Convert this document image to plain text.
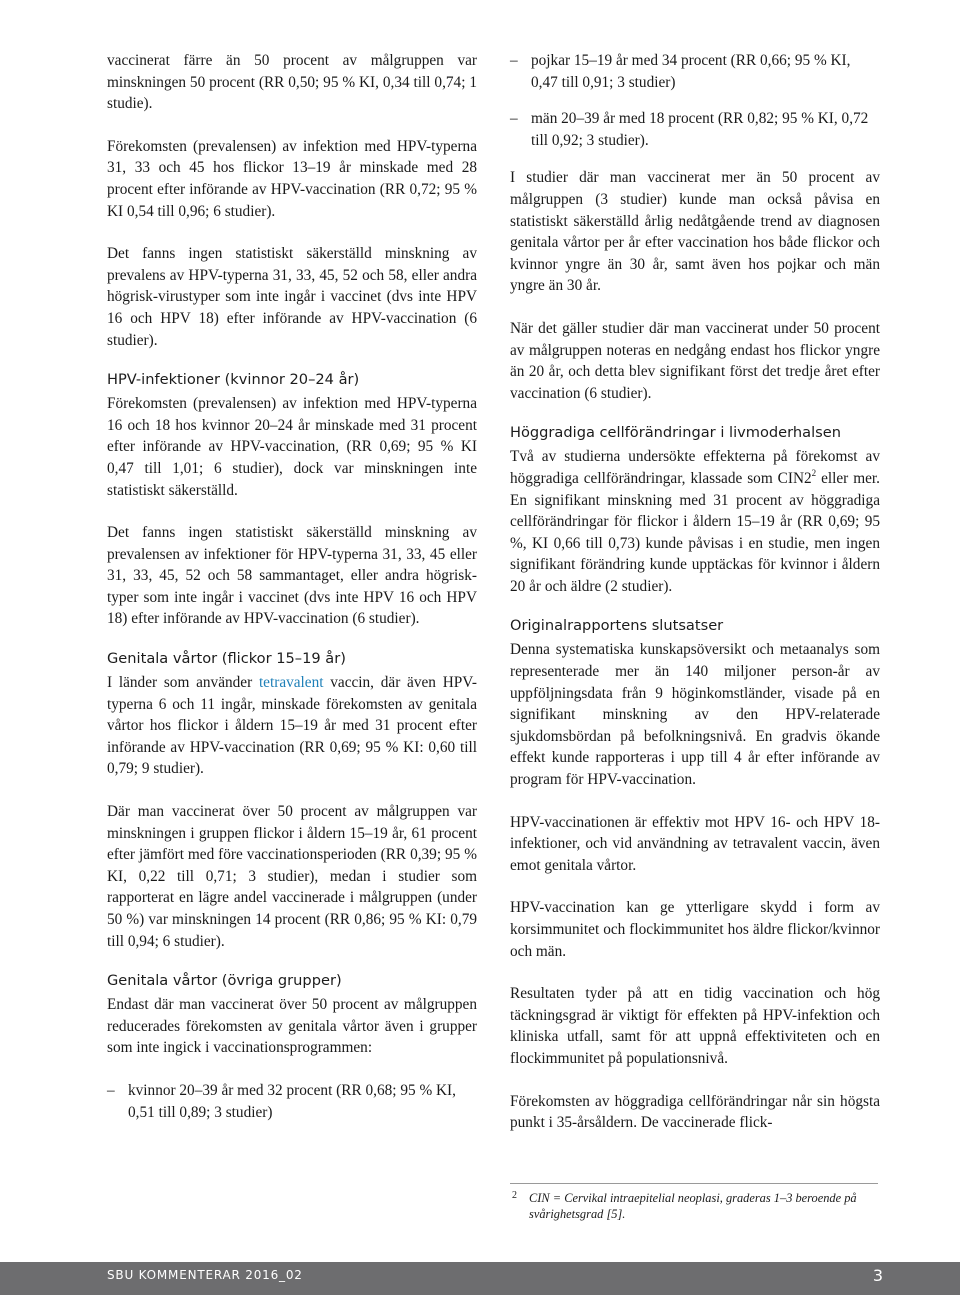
vaccinerat färre än 50 procent av målgruppen var minskningen 50 procent (RR 0,50; 95 % KI, 0,34 till 0,74; 1 studie).

Förekomsten (prevalensen) av infektion med HPV-typerna 31, 33 och 45 hos flickor 13–19 år minskade med 28 procent efter införande av HPV-vaccination (RR 0,72; 95 % KI 0,54 till 0,96; 6 studier).

Det fanns ingen statistiskt säkerställd minskning av prevalens av HPV-typerna 31, 33, 45, 52 och 58, eller andra högrisk-virustyper som inte ingår i vaccinet (dvs inte HPV 16 och HPV 18) efter införande av HPV-vaccination (6 studier).

HPV-infektioner (kvinnor 20–24 år)

Förekomsten (prevalensen) av infektion med HPV-typerna 16 och 18 hos kvinnor 20–24 år minskade med 31 procent efter införande av HPV-vaccination, (RR 0,69; 95 % KI 0,47 till 1,01; 6 studier), dock var minskningen inte statistiskt säkerställd.

Det fanns ingen statistiskt säkerställd minskning av prevalensen av infektioner för HPV-typerna 31, 33, 45 eller 31, 33, 45, 52 och 58 sammantaget, eller andra högrisk-typer som inte ingår i vaccinet (dvs inte HPV 16 och HPV 18) efter införande av HPV-vaccination (6 studier).

Genitala vårtor (flickor 15–19 år)

I länder som använder tetravalent vaccin, där även HPV-typerna 6 och 11 ingår, minskade förekomsten av genitala vårtor hos flickor i åldern 15–19 år med 31 procent efter införande av HPV-vaccination (RR 0,69; 95 % KI: 0,60 till 0,79; 9 studier).

Där man vaccinerat över 50 procent av målgruppen var minskningen i gruppen flickor i åldern 15–19 år, 61 procent efter jämfört med före vaccinationsperioden (RR 0,39; 95 % KI, 0,22 till 0,71; 3 studier), medan i studier som rapporterat en lägre andel vaccinerade i målgruppen (under 50 %) var minskningen 14 procent (RR 0,86; 95 % KI: 0,79 till 0,94; 6 studier).

Genitala vårtor (övriga grupper)

Endast där man vaccinerat över 50 procent av målgruppen reducerades förekomsten av genitala vårtor även i grupper som inte ingick i vaccinationsprogrammen:

– kvinnor 20–39 år med 32 procent (RR 0,68; 95 % KI, 0,51 till 0,89; 3 studier)
– pojkar 15–19 år med 34 procent (RR 0,66; 95 % KI, 0,47 till 0,91; 3 studier)
– män 20–39 år med 18 procent (RR 0,82; 95 % KI, 0,72 till 0,92; 3 studier).

I studier där man vaccinerat mer än 50 procent av målgruppen (3 studier) kunde man också påvisa en statistiskt säkerställd årlig nedåtgående trend av diagnosen genitala vårtor per år efter vaccination hos både flickor och kvinnor yngre än 30 år, samt även hos pojkar och män yngre än 30 år.

När det gäller studier där man vaccinerat under 50 procent av målgruppen noteras en nedgång endast hos flickor yngre än 20 år, och detta blev signifikant först det tredje året efter vaccination (6 studier).

Höggradiga cellförändringar i livmoderhalsen

Två av studierna undersökte effekterna på förekomst av höggradiga cellförändringar, klassade som $CIN2^2$ eller mer. En signifikant minskning med 31 procent av höggradiga cellförändringar för flickor i åldern 15–19 år (RR 0,69; 95 %, KI 0,66 till 0,73) kunde påvisas i en studie, men ingen signifikant förändring kunde upptäckas för kvinnor i åldern 20 år och äldre (2 studier).

Originalrapportens slutsatser

Denna systematiska kunskapsöversikt och metaanalys som representerade mer än 140 miljoner person-år av uppföljningsdata från 9 höginkomstländer, visade på en signifikant minskning av den HPV-relaterade sjukdomsbördan på befolkningsnivå. En gradvis ökande effekt kunde rapporteras i upp till 4 år efter införande av program för HPV-vaccination.

HPV-vaccinationen är effektiv mot HPV 16- och HPV 18-infektioner, och vid användning av tetravalent vaccin, även emot genitala vårtor.

HPV-vaccination kan ge ytterligare skydd i form av korsimmunitet och flockimmunitet hos äldre flickor/kvinnor och män.

Resultaten tyder på att en tidig vaccination och hög täckningsgrad är viktigt för effekten på HPV-infektion och kliniska utfall, samt för att uppnå effektiviteten och en flockimmunitet på populationsnivå.

Förekomsten av höggradiga cellförändringar når sin högsta punkt i 35-årsåldern. De vaccinerade flick-

2 CIN = Cervikal intraepitelial neoplasi, graderas 1–3 beroende på svårighetsgrad [5].
SBU KOMMENTERAR 2016_02	3
